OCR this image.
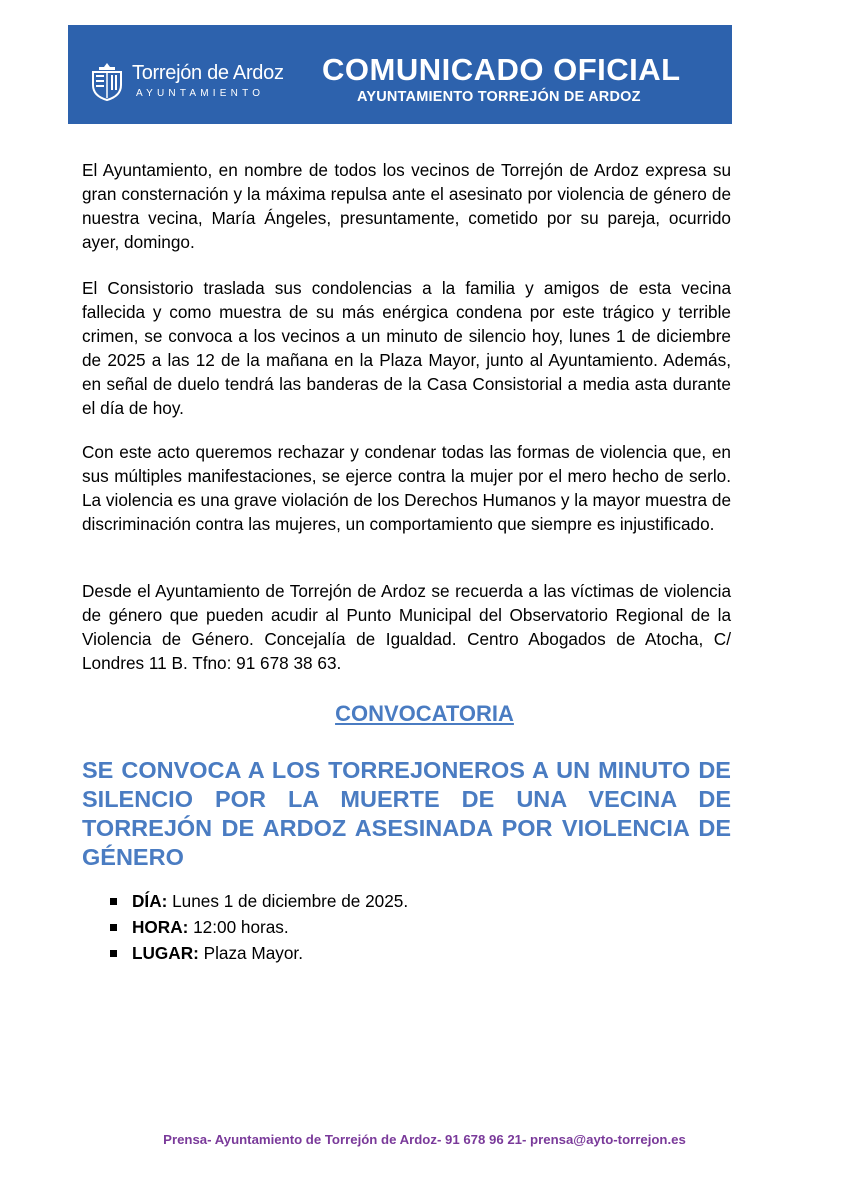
Torrejón de Ardoz
AYUNTAMIENTO
COMUNICADO OFICIAL
AYUNTAMIENTO TORREJÓN DE ARDOZ

El Ayuntamiento, en nombre de todos los vecinos de Torrejón de Ardoz expresa su gran consternación y la máxima repulsa ante el asesinato por violencia de género de nuestra vecina, María Ángeles, presuntamente, cometido por su pareja, ocurrido ayer, domingo.

El Consistorio traslada sus condolencias a la familia y amigos de esta vecina fallecida y como muestra de su más enérgica condena por este trágico y terrible crimen, se convoca a los vecinos a un minuto de silencio hoy, lunes 1 de diciembre de 2025 a las 12 de la mañana en la Plaza Mayor, junto al Ayuntamiento. Además, en señal de duelo tendrá las banderas de la Casa Consistorial a media asta durante el día de hoy.

Con este acto queremos rechazar y condenar todas las formas de violencia que, en sus múltiples manifestaciones, se ejerce contra la mujer por el mero hecho de serlo. La violencia es una grave violación de los Derechos Humanos y la mayor muestra de discriminación contra las mujeres, un comportamiento que siempre es injustificado.

Desde el Ayuntamiento de Torrejón de Ardoz se recuerda a las víctimas de violencia de género que pueden acudir al Punto Municipal del Observatorio Regional de la Violencia de Género. Concejalía de Igualdad. Centro Abogados de Atocha, C/ Londres 11 B. Tfno: 91 678 38 63.

CONVOCATORIA

SE CONVOCA A LOS TORREJONEROS A UN MINUTO DE SILENCIO POR LA MUERTE DE UNA VECINA DE TORREJÓN DE ARDOZ ASESINADA POR VIOLENCIA DE GÉNERO

DÍA: Lunes 1 de diciembre de 2025.
HORA: 12:00 horas.
LUGAR: Plaza Mayor.

Prensa- Ayuntamiento de Torrejón de Ardoz- 91 678 96 21- prensa@ayto-torrejon.es
